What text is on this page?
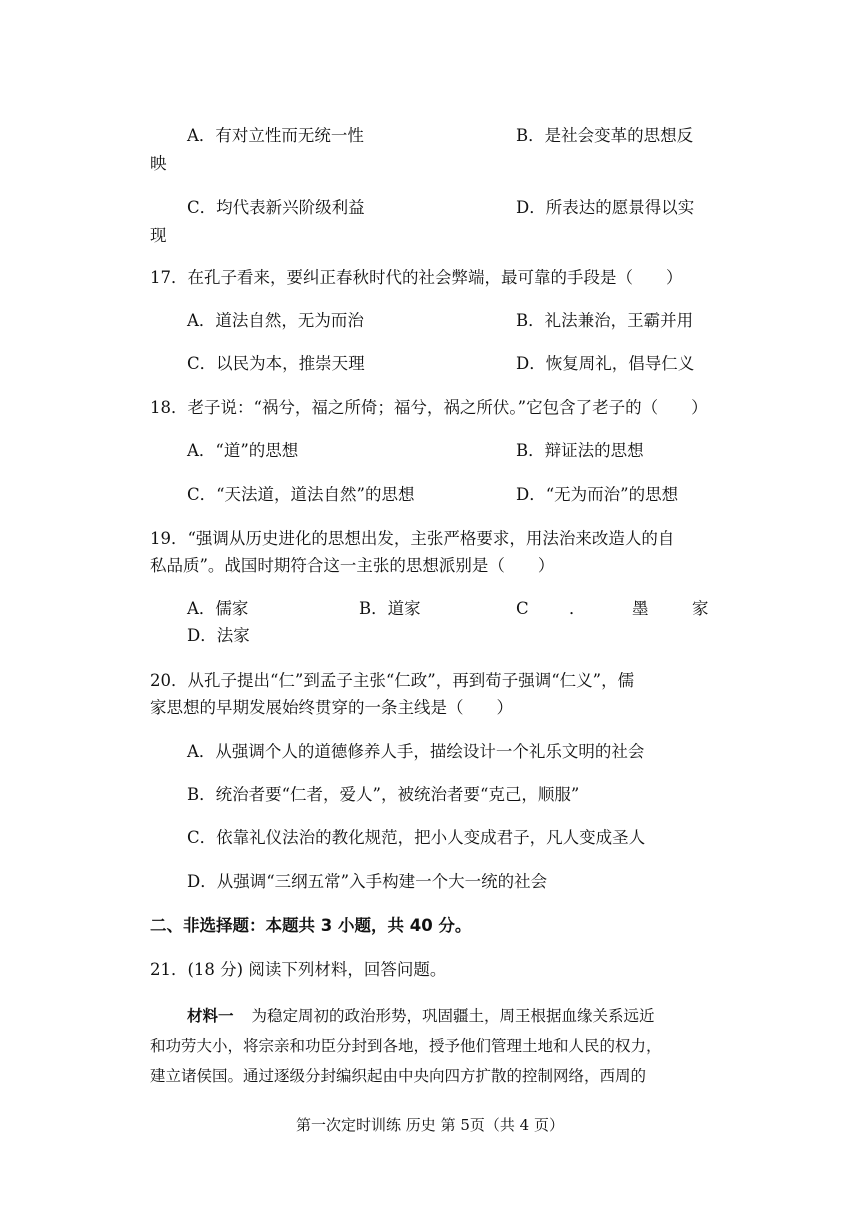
A．有对立性而无统一性	B．是社会变革的思想反
映
C．均代表新兴阶级利益	D．所表达的愿景得以实
现
17．在孔子看来，要纠正春秋时代的社会弊端，最可靠的手段是（　　）
A．道法自然，无为而治	B．礼法兼治，王霸并用
C．以民为本，推崇天理	D．恢复周礼，倡导仁义
18．老子说：“祸兮，福之所倚；福兮，祸之所伏。”它包含了老子的（　　）
A．“道”的思想	B．辩证法的思想
C．“天法道，道法自然”的思想	D．“无为而治”的思想
19．“强调从历史进化的思想出发，主张严格要求，用法治来改造人的自
私品质”。战国时期符合这一主张的思想派别是（　　）
A．儒家	B．道家	C ．	墨	家
D．法家
20．从孔子提出“仁”到孟子主张“仁政”，再到荀子强调“仁义”，儒
家思想的早期发展始终贯穿的一条主线是（　　）
A．从强调个人的道德修养人手，描绘设计一个礼乐文明的社会
B．统治者要“仁者，爱人”，被统治者要“克己，顺服”
C．依靠礼仪法治的教化规范，把小人变成君子，凡人变成圣人
D．从强调“三纲五常”入手构建一个大一统的社会
二、非选择题：本题共 3 小题，共 40 分。
21．(18 分) 阅读下列材料，回答问题。
材料一 为稳定周初的政治形势，巩固疆土，周王根据血缘关系远近
和功劳大小，将宗亲和功臣分封到各地，授予他们管理土地和人民的权力，
建立诸侯国。通过逐级分封编织起由中央向四方扩散的控制网络，西周的
第一次定时训练 历史 第 5页（共 4 页）
